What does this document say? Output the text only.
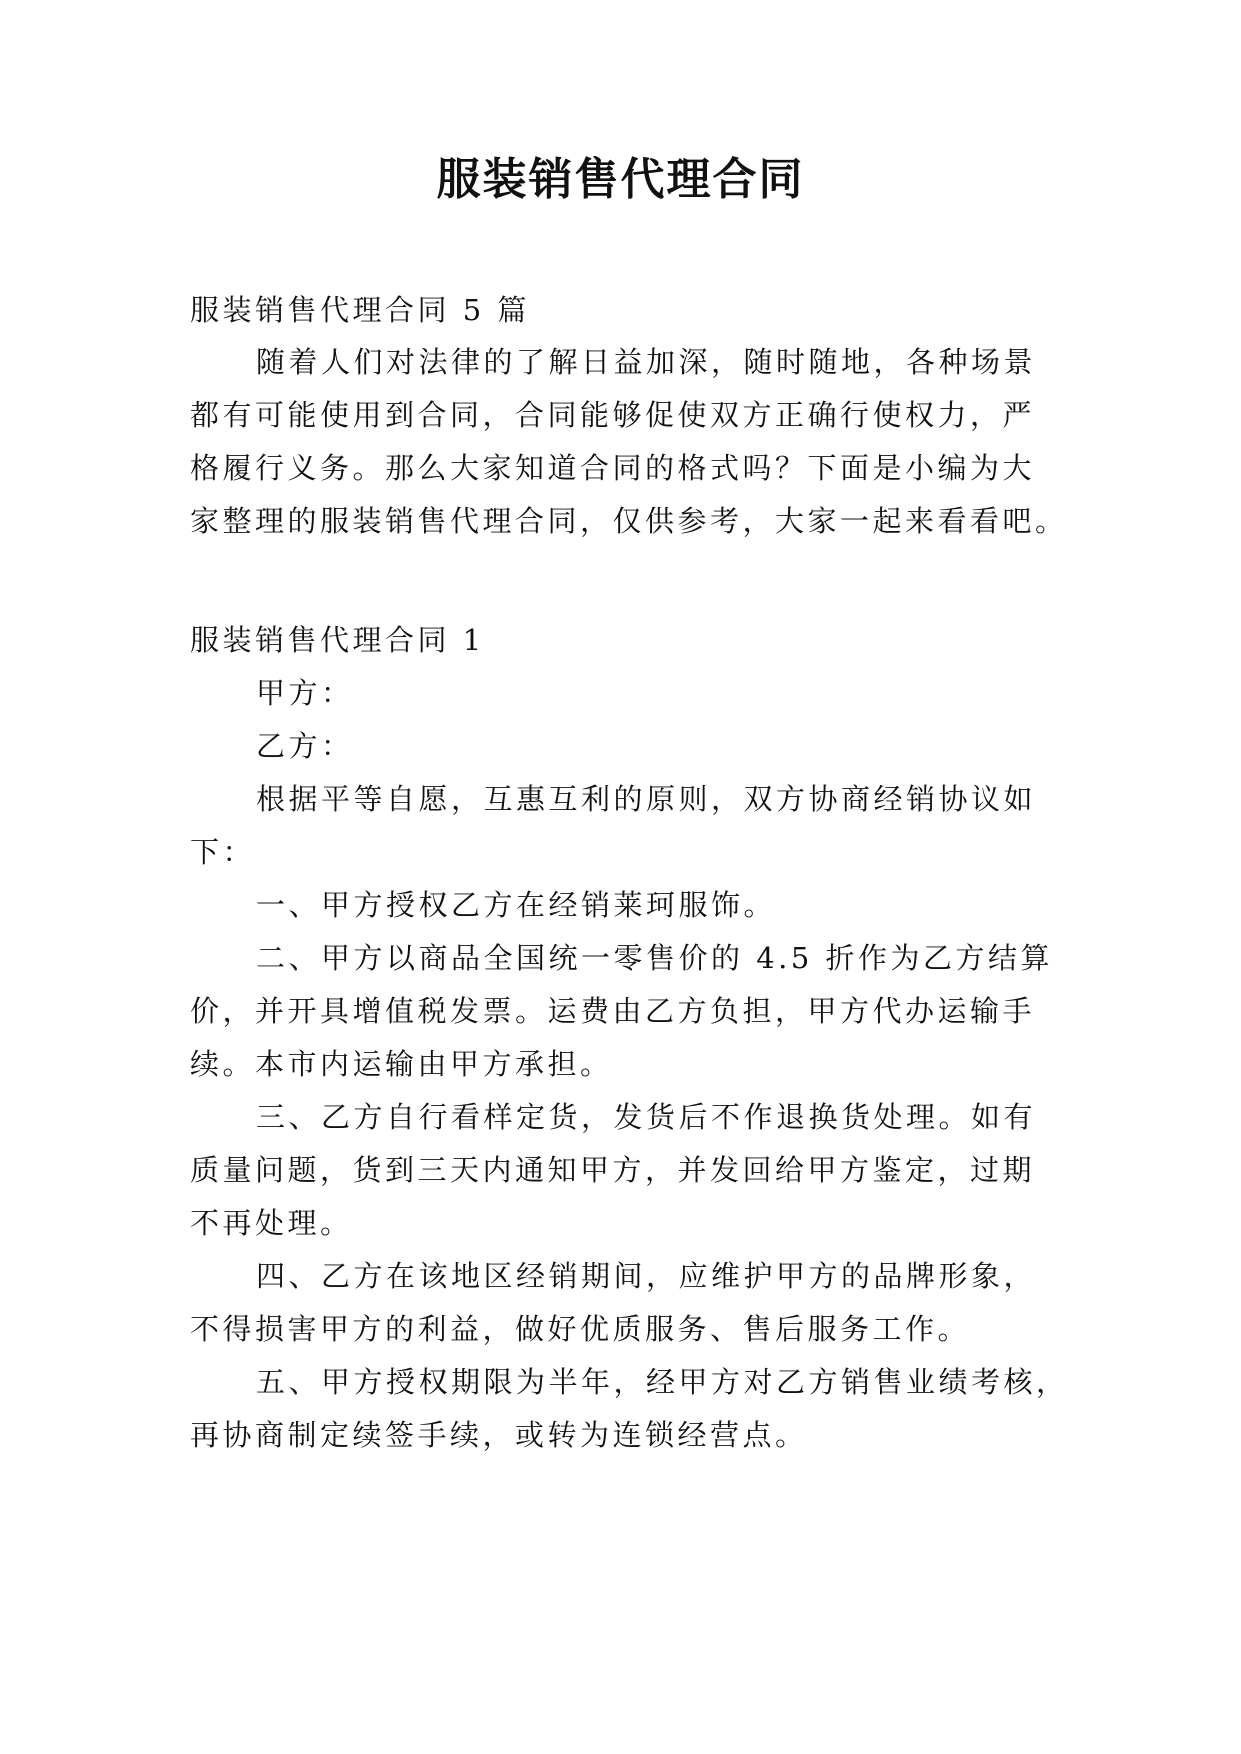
服装销售代理合同
服装销售代理合同 5 篇
随着人们对法律的了解日益加深，随时随地，各种场景
都有可能使用到合同，合同能够促使双方正确行使权力，严
格履行义务。那么大家知道合同的格式吗？下面是小编为大
家整理的服装销售代理合同，仅供参考，大家一起来看看吧。
服装销售代理合同 1
甲方：
乙方：
根据平等自愿，互惠互利的原则，双方协商经销协议如
下：
一、甲方授权乙方在经销莱珂服饰。
二、甲方以商品全国统一零售价的 4.5 折作为乙方结算
价，并开具增值税发票。运费由乙方负担，甲方代办运输手
续。本市内运输由甲方承担。
三、乙方自行看样定货，发货后不作退换货处理。如有
质量问题，货到三天内通知甲方，并发回给甲方鉴定，过期
不再处理。
四、乙方在该地区经销期间，应维护甲方的品牌形象，
不得损害甲方的利益，做好优质服务、售后服务工作。
五、甲方授权期限为半年，经甲方对乙方销售业绩考核，
再协商制定续签手续，或转为连锁经营点。
